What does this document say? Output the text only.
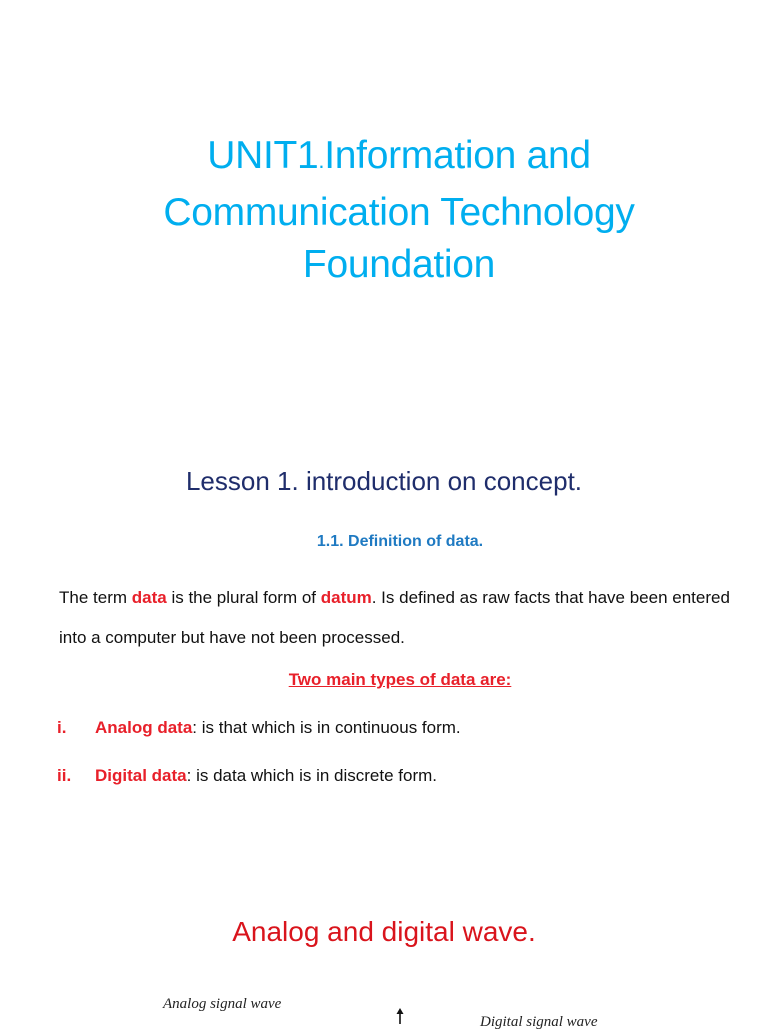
UNIT1.Information and
Communication Technology
Foundation
Lesson 1. introduction on concept.
1.1. Definition of data.
The term data is the plural form of datum. Is defined as raw facts that have been entered into a computer but have not been processed.
Two main types of data are:
i. Analog data: is that which is in continuous form.
ii. Digital data: is data which is in discrete form.
Analog and digital wave.
Analog signal wave
Digital signal wave
